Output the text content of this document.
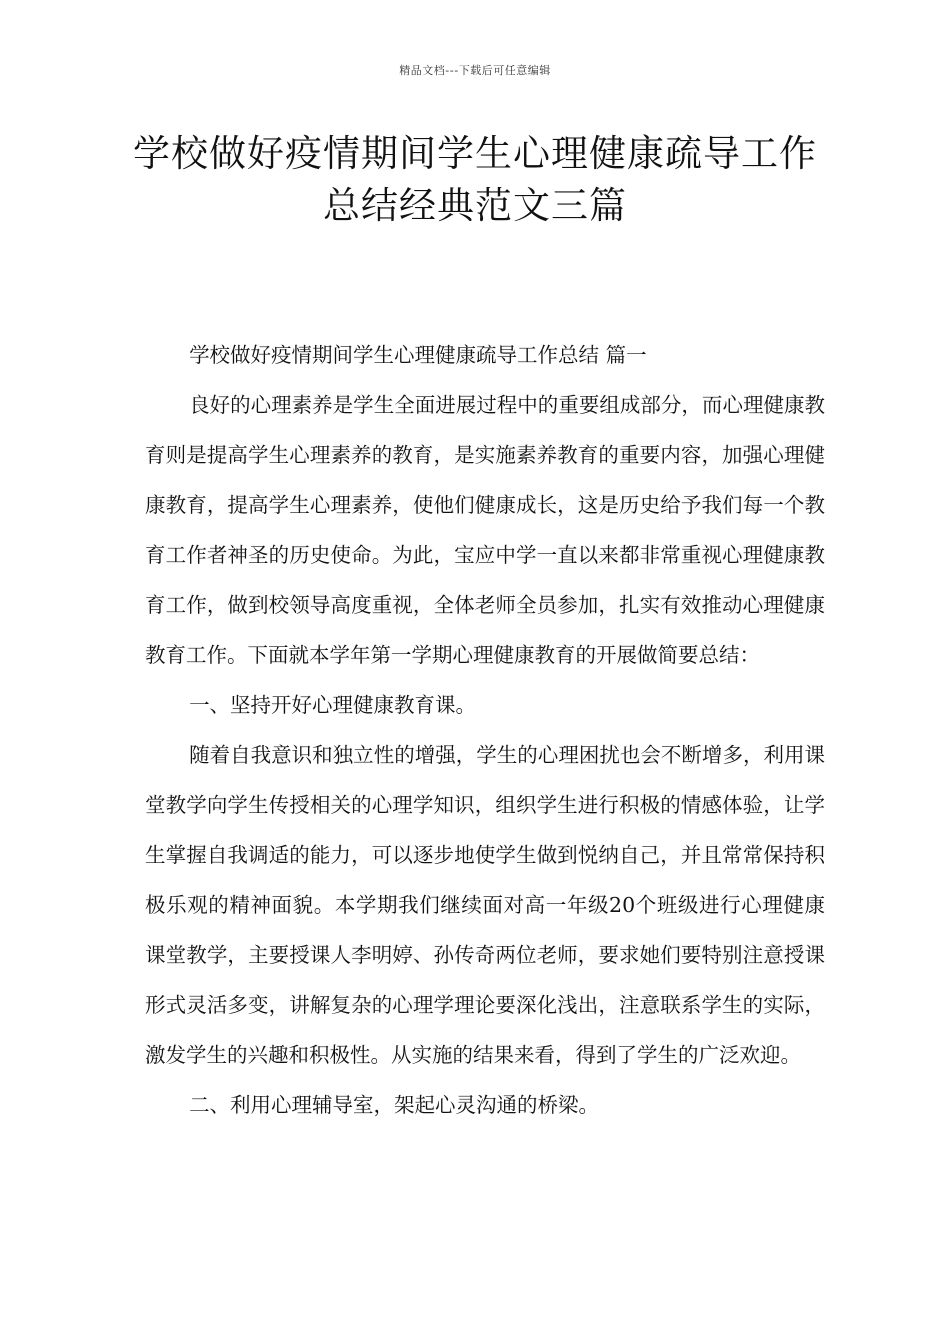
精品文档---下载后可任意编辑
学校做好疫情期间学生心理健康疏导工作总结经典范文三篇

学校做好疫情期间学生心理健康疏导工作总结 篇一

良好的心理素养是学生全面进展过程中的重要组成部分，而心理健康教育则是提高学生心理素养的教育，是实施素养教育的重要内容，加强心理健康教育，提高学生心理素养，使他们健康成长，这是历史给予我们每一个教育工作者神圣的历史使命。为此，宝应中学一直以来都非常重视心理健康教育工作，做到校领导高度重视，全体老师全员参加，扎实有效推动心理健康教育工作。下面就本学年第一学期心理健康教育的开展做简要总结：

一、坚持开好心理健康教育课。

随着自我意识和独立性的增强，学生的心理困扰也会不断增多，利用课堂教学向学生传授相关的心理学知识，组织学生进行积极的情感体验，让学生掌握自我调适的能力，可以逐步地使学生做到悦纳自己，并且常常保持积极乐观的精神面貌。本学期我们继续面对高一年级20个班级进行心理健康课堂教学，主要授课人李明婷、孙传奇两位老师，要求她们要特别注意授课形式灵活多变，讲解复杂的心理学理论要深化浅出，注意联系学生的实际，激发学生的兴趣和积极性。从实施的结果来看，得到了学生的广泛欢迎。

二、利用心理辅导室，架起心灵沟通的桥梁。
